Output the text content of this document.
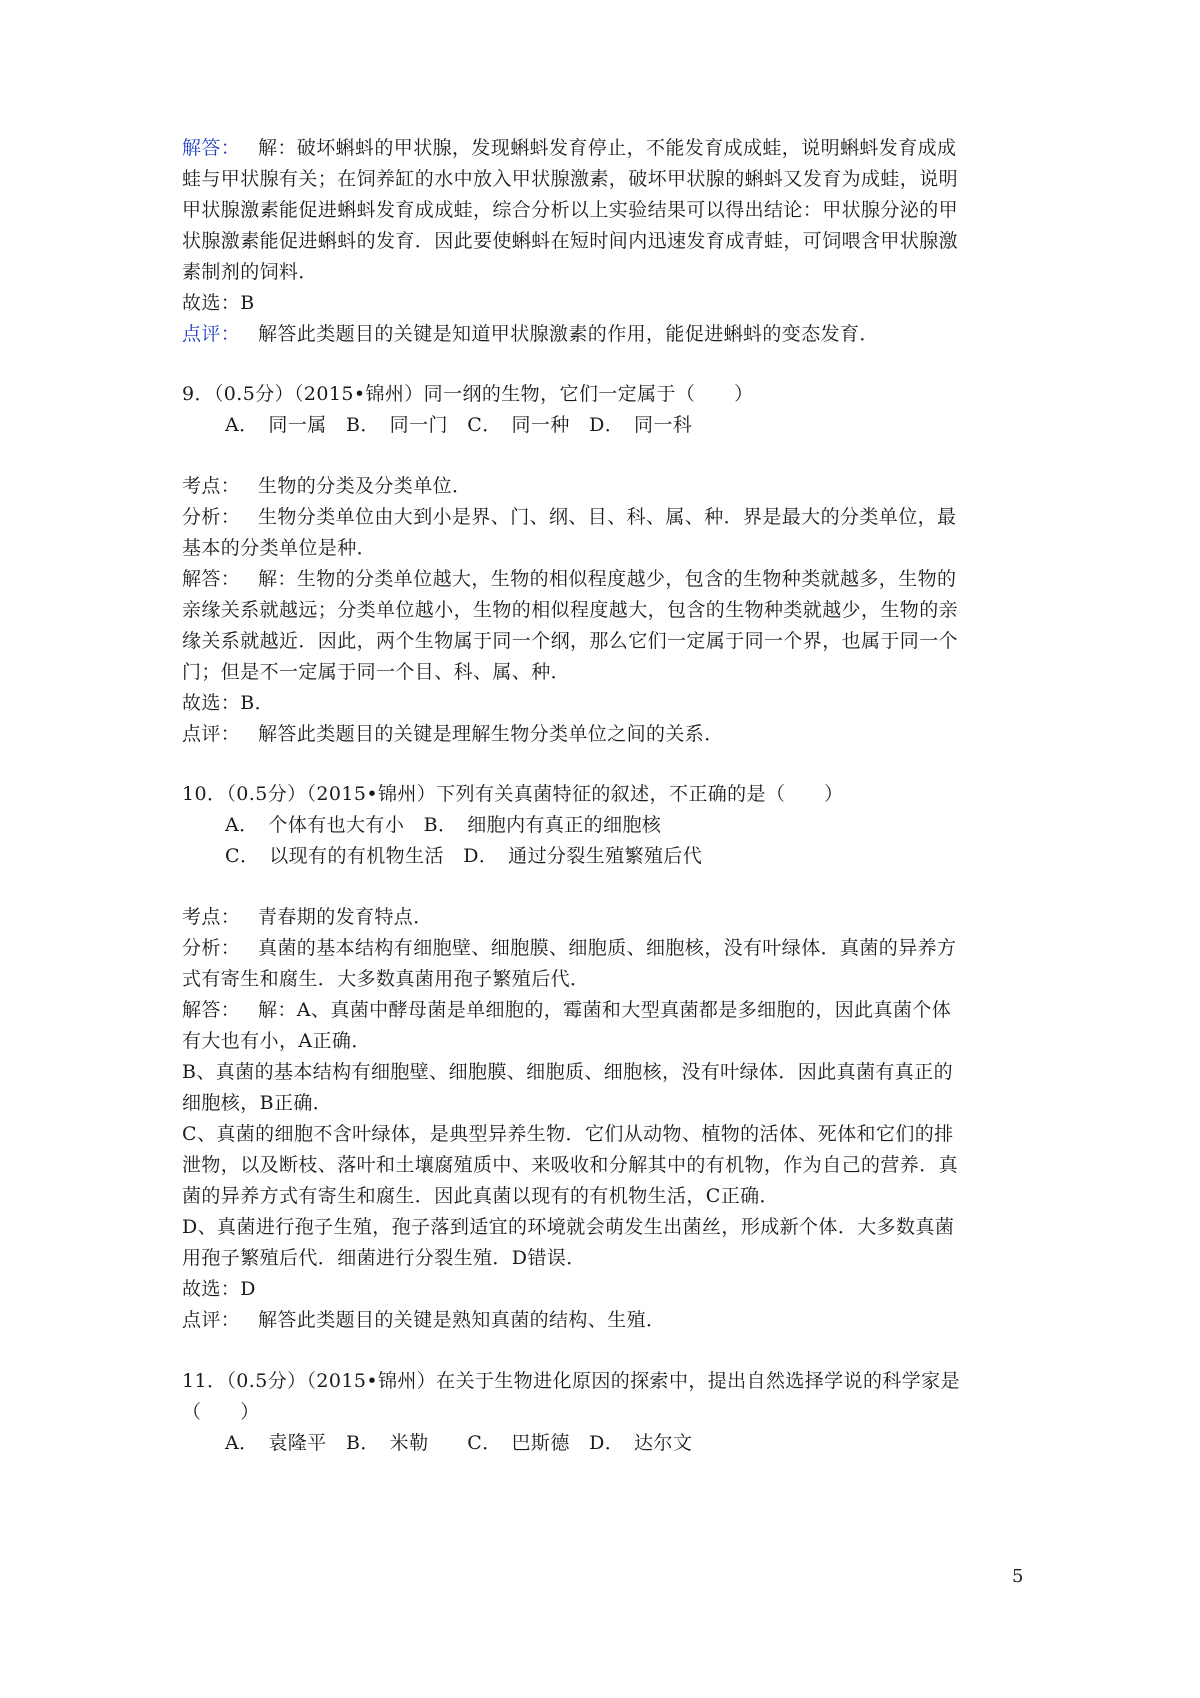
解答： 解：破坏蝌蚪的甲状腺，发现蝌蚪发育停止，不能发育成成蛙，说明蝌蚪发育成成
蛙与甲状腺有关；在饲养缸的水中放入甲状腺激素，破坏甲状腺的蝌蚪又发育为成蛙，说明
甲状腺激素能促进蝌蚪发育成成蛙，综合分析以上实验结果可以得出结论：甲状腺分泌的甲
状腺激素能促进蝌蚪的发育．因此要使蝌蚪在短时间内迅速发育成青蛙，可饲喂含甲状腺激
素制剂的饲料．
故选：B
点评： 解答此类题目的关键是知道甲状腺激素的作用，能促进蝌蚪的变态发育．
9．（0.5分）（2015•锦州）同一纲的生物，它们一定属于（　　）
A．　同一属　B．　同一门　C．　同一种　D．　同一科
考点： 生物的分类及分类单位．
分析： 生物分类单位由大到小是界、门、纲、目、科、属、种．界是最大的分类单位，最
基本的分类单位是种．
解答： 解：生物的分类单位越大，生物的相似程度越少，包含的生物种类就越多，生物的
亲缘关系就越远；分类单位越小，生物的相似程度越大，包含的生物种类就越少，生物的亲
缘关系就越近．因此，两个生物属于同一个纲，那么它们一定属于同一个界，也属于同一个
门；但是不一定属于同一个目、科、属、种．
故选：B．
点评： 解答此类题目的关键是理解生物分类单位之间的关系．
10．（0.5分）（2015•锦州）下列有关真菌特征的叙述，不正确的是（　　）
A．　个体有也大有小　B．　细胞内有真正的细胞核
C．　以现有的有机物生活　D．　通过分裂生殖繁殖后代
考点： 青春期的发育特点．
分析： 真菌的基本结构有细胞壁、细胞膜、细胞质、细胞核，没有叶绿体．真菌的异养方
式有寄生和腐生．大多数真菌用孢子繁殖后代．
解答： 解：A、真菌中酵母菌是单细胞的，霉菌和大型真菌都是多细胞的，因此真菌个体
有大也有小，A正确．
B、真菌的基本结构有细胞壁、细胞膜、细胞质、细胞核，没有叶绿体．因此真菌有真正的
细胞核，B正确．
C、真菌的细胞不含叶绿体，是典型异养生物．它们从动物、植物的活体、死体和它们的排
泄物，以及断枝、落叶和土壤腐殖质中、来吸收和分解其中的有机物，作为自己的营养．真
菌的异养方式有寄生和腐生．因此真菌以现有的有机物生活，C正确．
D、真菌进行孢子生殖，孢子落到适宜的环境就会萌发生出菌丝，形成新个体．大多数真菌
用孢子繁殖后代．细菌进行分裂生殖．D错误．
故选：D
点评： 解答此类题目的关键是熟知真菌的结构、生殖．
11．（0.5分）（2015•锦州）在关于生物进化原因的探索中，提出自然选择学说的科学家是
（　　）
A．　袁隆平　B．　米勒　　C．　巴斯德　D．　达尔文
5
